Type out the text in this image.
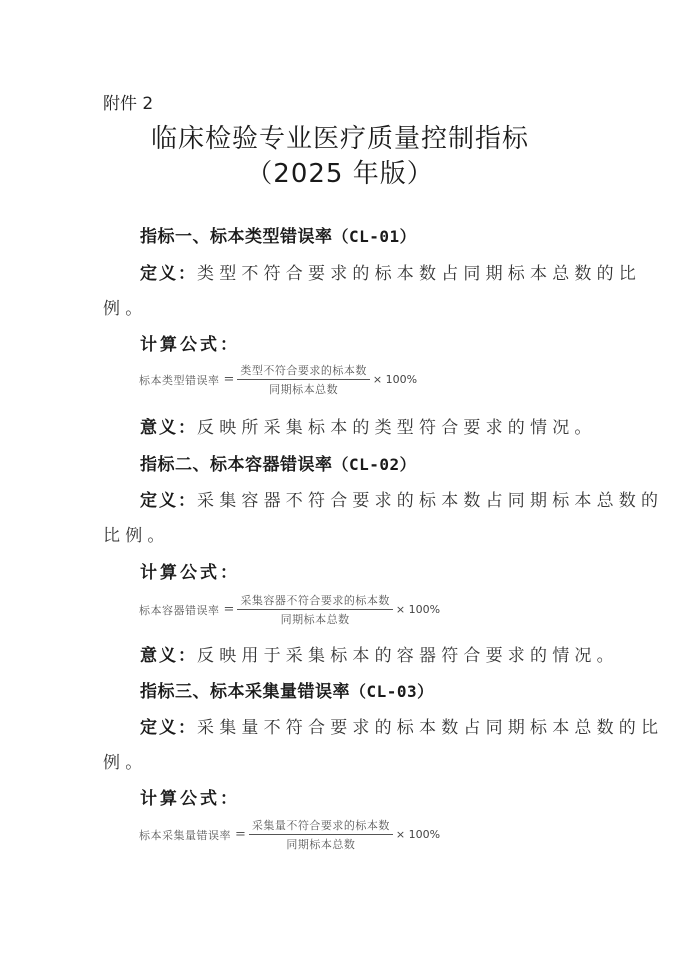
附件 2
临床检验专业医疗质量控制指标
（2025 年版）
指标一、标本类型错误率（CL-01）
定义：类型不符合要求的标本数占同期标本总数的比
例。
计算公式：
标本类型错误率 = $\frac{\text{类型不符合要求的标本数}}{\text{同期标本总数}} \times 100\%$
意义：反映所采集标本的类型符合要求的情况。
指标二、标本容器错误率（CL-02）
定义：采集容器不符合要求的标本数占同期标本总数的
比例。
计算公式：
标本容器错误率 = $\frac{\text{采集容器不符合要求的标本数}}{\text{同期标本总数}} \times 100\%$
意义：反映用于采集标本的容器符合要求的情况。
指标三、标本采集量错误率（CL-03）
定义：采集量不符合要求的标本数占同期标本总数的比
例。
计算公式：
标本采集量错误率 = $\frac{\text{采集量不符合要求的标本数}}{\text{同期标本总数}} \times 100\%$
